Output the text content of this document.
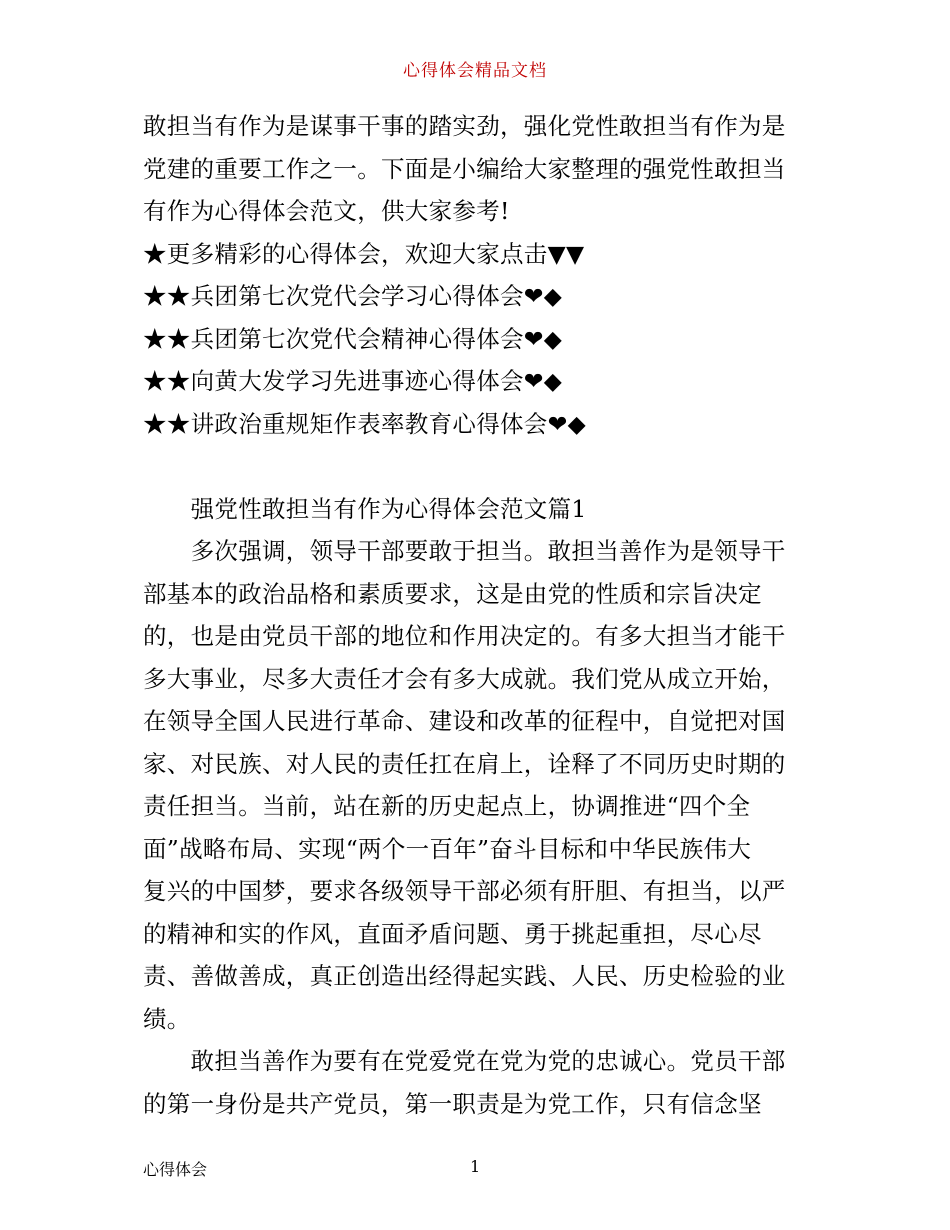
心得体会精品文档
敢担当有作为是谋事干事的踏实劲，强化党性敢担当有作为是
党建的重要工作之一。下面是小编给大家整理的强党性敢担当
有作为心得体会范文，供大家参考!
★更多精彩的心得体会，欢迎大家点击▼▼
★★兵团第七次党代会学习心得体会❤◆
★★兵团第七次党代会精神心得体会❤◆
★★向黄大发学习先进事迹心得体会❤◆
★★讲政治重规矩作表率教育心得体会❤◆
　　强党性敢担当有作为心得体会范文篇1
　　多次强调，领导干部要敢于担当。敢担当善作为是领导干
部基本的政治品格和素质要求，这是由党的性质和宗旨决定
的，也是由党员干部的地位和作用决定的。有多大担当才能干
多大事业，尽多大责任才会有多大成就。我们党从成立开始，
在领导全国人民进行革命、建设和改革的征程中，自觉把对国
家、对民族、对人民的责任扛在肩上，诠释了不同历史时期的
责任担当。当前，站在新的历史起点上，协调推进“四个全
面”战略布局、实现“两个一百年”奋斗目标和中华民族伟大
复兴的中国梦，要求各级领导干部必须有肝胆、有担当，以严
的精神和实的作风，直面矛盾问题、勇于挑起重担，尽心尽
责、善做善成，真正创造出经得起实践、人民、历史检验的业
绩。
　　敢担当善作为要有在党爱党在党为党的忠诚心。党员干部
的第一身份是共产党员，第一职责是为党工作，只有信念坚
心得体会	1
